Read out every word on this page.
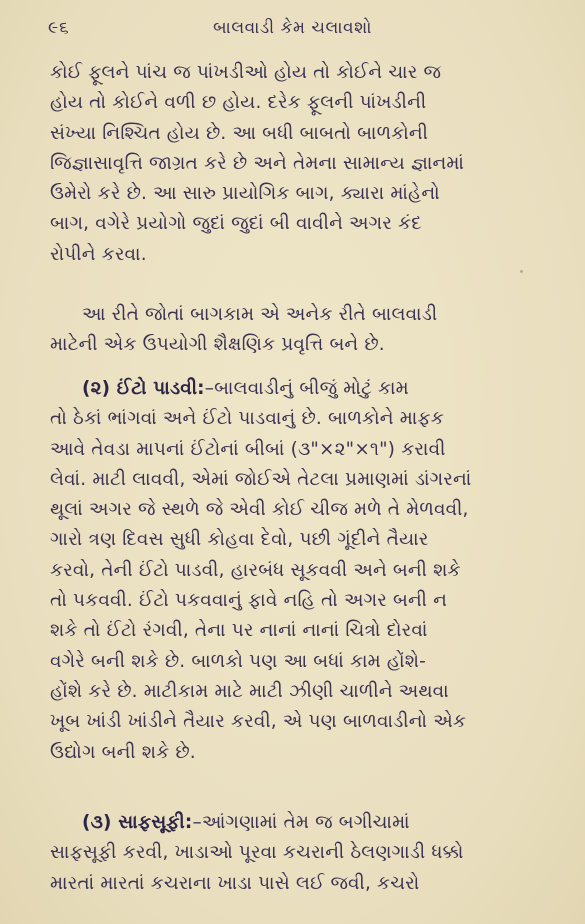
૯૬	બાલવાડી કેમ ચલાવશો

કોઈ ફૂલને પાંચ જ પાંખડીઓ હોય તો કોઈને ચાર જ
હોય તો કોઈને વળી છ હોય. દરેક ફૂલની પાંખડીની
સંખ્યા નિશ્ચિત હોય છે. આ બધી બાબતો બાળકોની
જિજ્ઞાસાવૃત્તિ જાગ્રત કરે છે અને તેમના સામાન્ય જ્ઞાનમાં
ઉમેરો કરે છે. આ સારુ પ્રાયોગિક બાગ, ક્યારા માંહેનો
બાગ, વગેરે પ્રયોગો જુદાં જુદાં બી વાવીને અગર કંદ
રોપીને કરવા.

આ રીતે જોતાં બાગકામ એ અનેક રીતે બાલવાડી
માટેની એક ઉપયોગી શૈક્ષણિક પ્રવૃત્તિ બને છે.

(૨) ઈંટો પાડવી:–બાલવાડીનું બીજું મોટું કામ
તો ઠેકાં ભાંગવાં અને ઈંટો પાડવાનું છે. બાળકોને માફક
આવે તેવડા માપનાં ઈંટોનાં બીબાં (૩"×૨"×૧") કરાવી
લેવાં. માટી લાવવી, એમાં જોઈએ તેટલા પ્રમાણમાં ડાંગરનાં
થૂલાં અગર જે સ્થળે જે એવી કોઈ ચીજ મળે તે મેળવવી,
ગારો ત્રણ દિવસ સુધી કોહવા દેવો, પછી ગૂંદીને તૈયાર
કરવો, તેની ઈંટો પાડવી, હારબંધ સૂકવવી અને બની શકે
તો પકવવી. ઈંટો પકવવાનું ફાવે નહિ તો અગર બની ન
શકે તો ઈંટો રંગવી, તેના પર નાનાં નાનાં ચિત્રો દોરવાં
વગેરે બની શકે છે. બાળકો પણ આ બધાં કામ હોંશે-
હોંશે કરે છે. માટીકામ માટે માટી ઝીણી ચાળીને અથવા
ખૂબ ખાંડી ખાંડીને તૈયાર કરવી, એ પણ બાળવાડીનો એક
ઉદ્યોગ બની શકે છે.

(૩) સાફસૂફી:–આંગણામાં તેમ જ બગીચામાં
સાફસૂફી કરવી, ખાડાઓ પૂરવા કચરાની ઠેલણગાડી ધક્કો
મારતાં મારતાં કચરાના ખાડા પાસે લઈ જવી, કચરો
